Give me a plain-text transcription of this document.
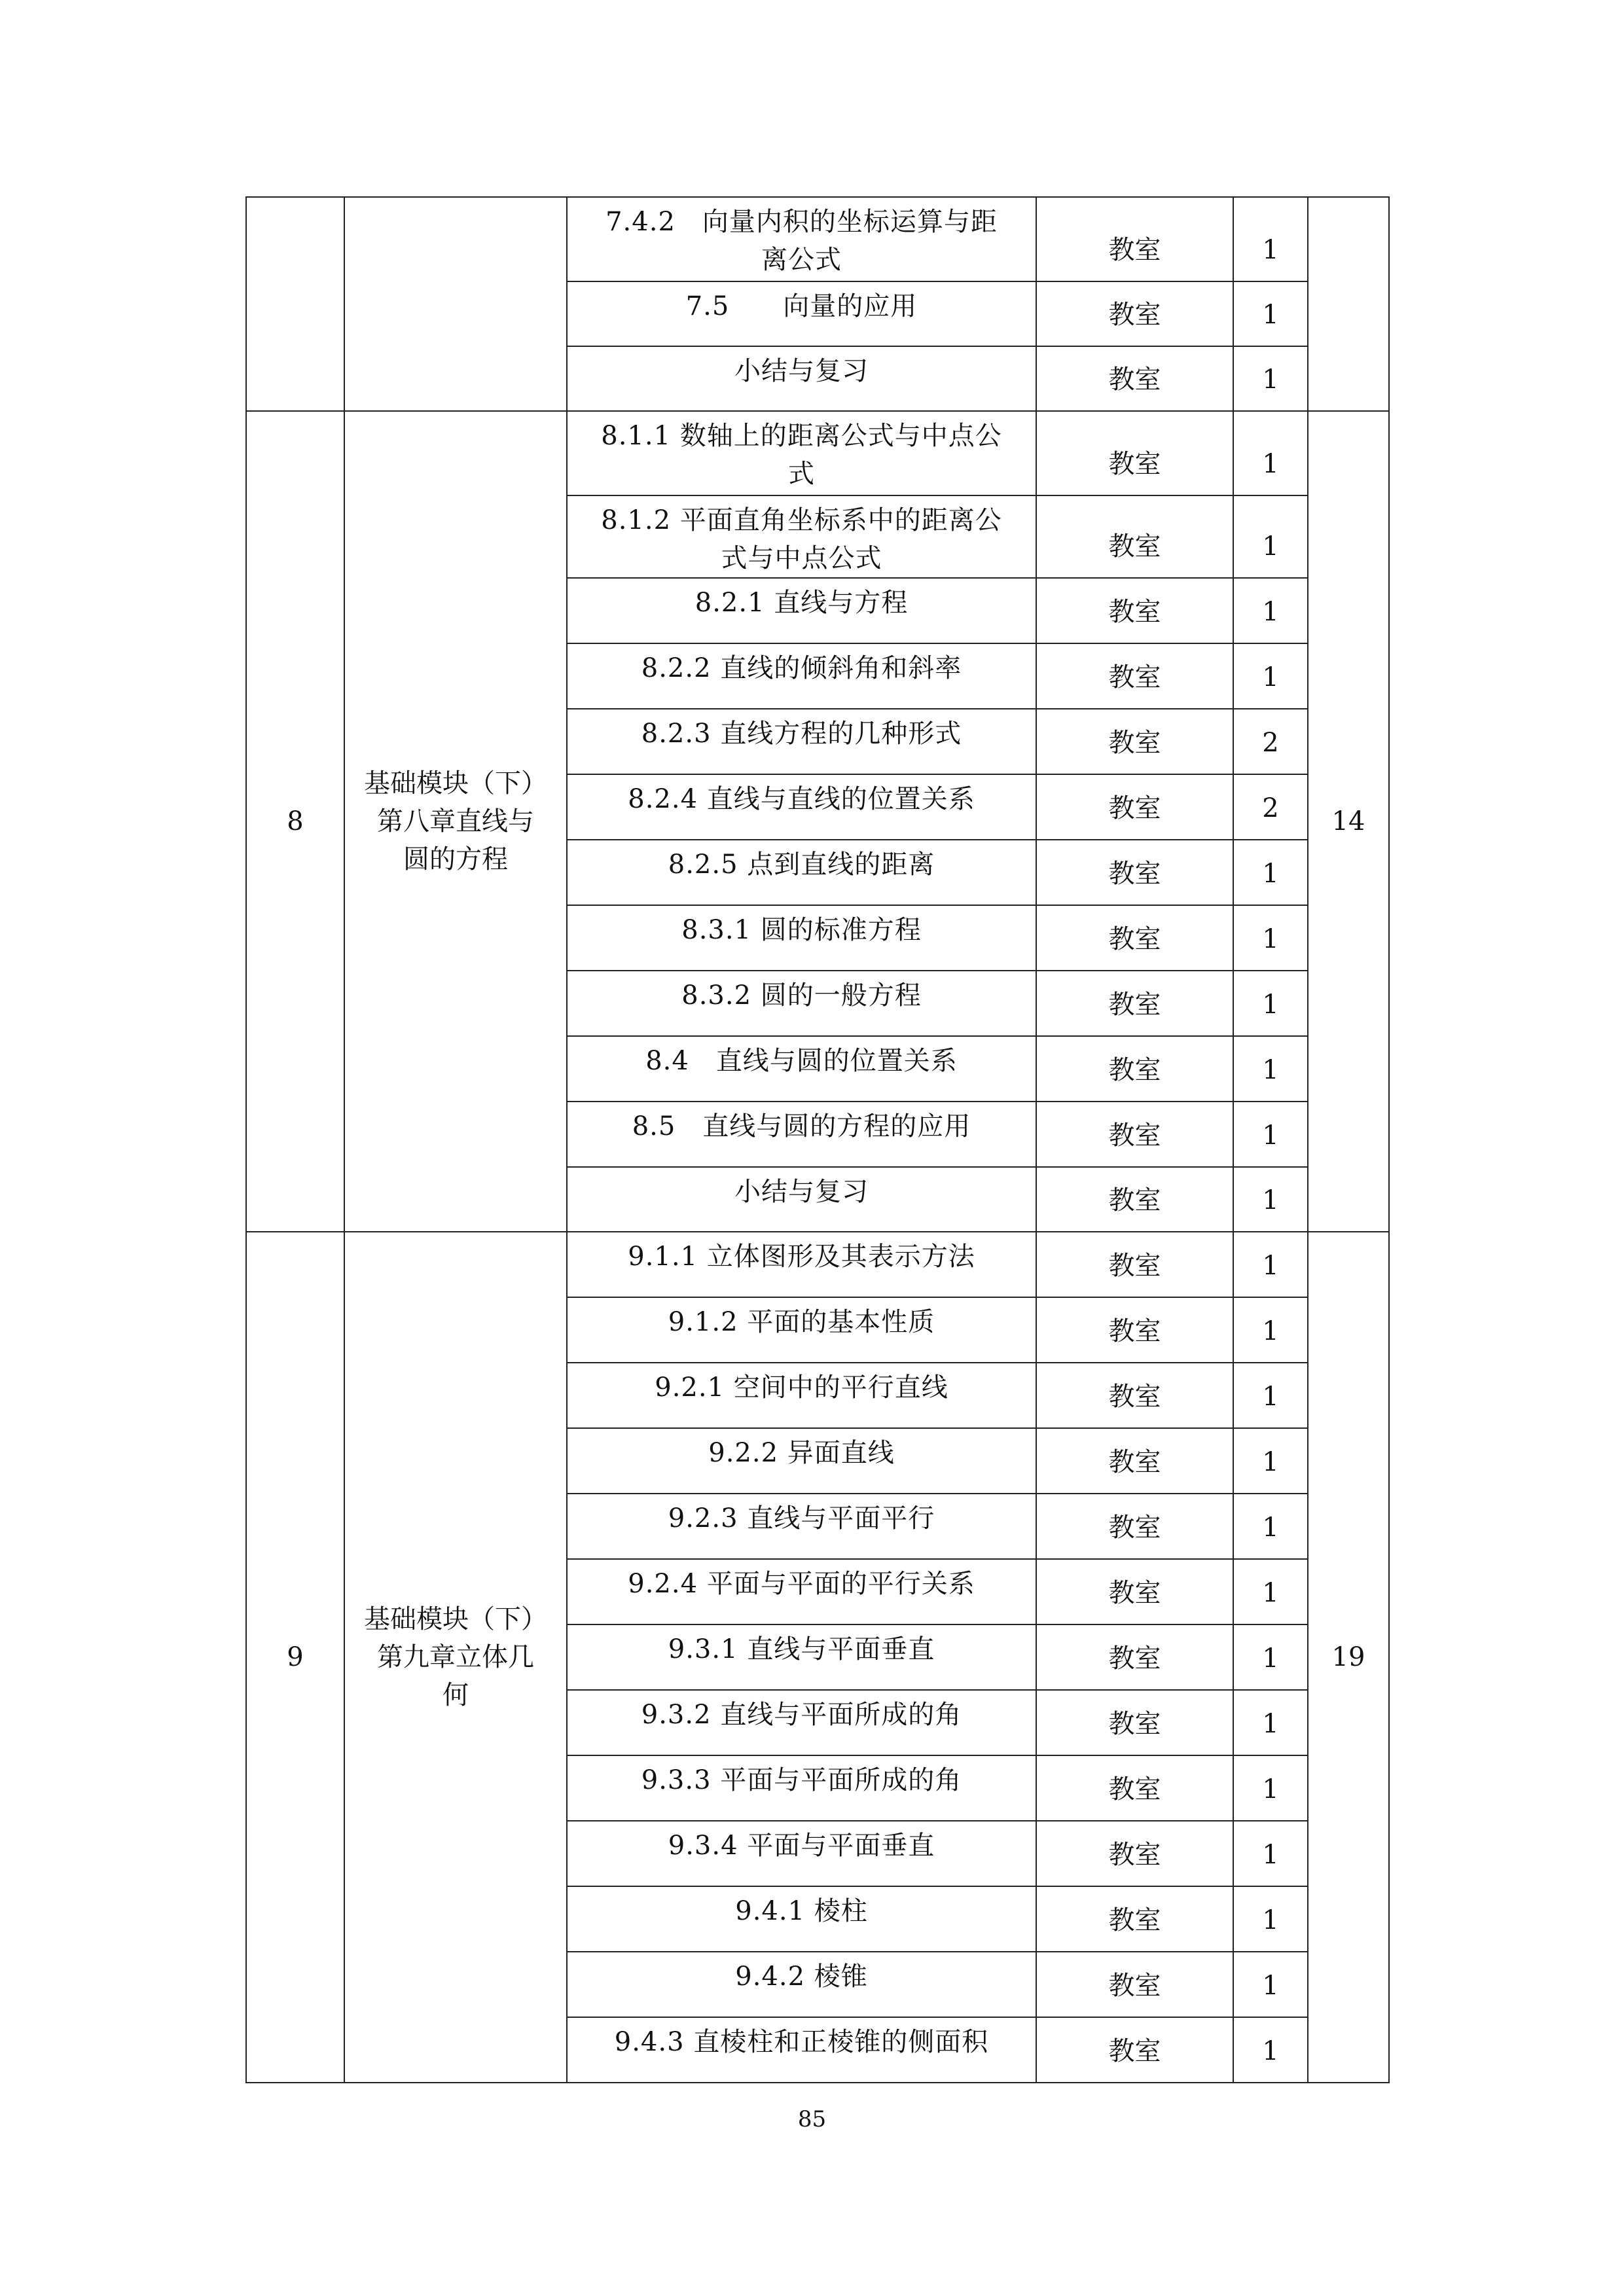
		7.4.2　向量内积的坐标运算与距
离公式	教室	1	

		7.5　　向量的应用	教室	1	

		小结与复习	教室	1	
8	基础模块（下）
第八章直线与
圆的方程	8.1.1 数轴上的距离公式与中点公
式	教室	1	14

		8.1.2 平面直角坐标系中的距离公
式与中点公式	教室	1	

		8.2.1 直线与方程	教室	1	

		8.2.2 直线的倾斜角和斜率	教室	1	

		8.2.3 直线方程的几种形式	教室	2	

		8.2.4 直线与直线的位置关系	教室	2	

		8.2.5 点到直线的距离	教室	1	

		8.3.1 圆的标准方程	教室	1	

		8.3.2 圆的一般方程	教室	1	

		8.4　直线与圆的位置关系	教室	1	

		8.5　直线与圆的方程的应用	教室	1	

		小结与复习	教室	1	
9	基础模块（下）
第九章立体几
何	9.1.1 立体图形及其表示方法	教室	1	19

		9.1.2 平面的基本性质	教室	1	

		9.2.1 空间中的平行直线	教室	1	

		9.2.2 异面直线	教室	1	

		9.2.3 直线与平面平行	教室	1	

		9.2.4 平面与平面的平行关系	教室	1	

		9.3.1 直线与平面垂直	教室	1	

		9.3.2 直线与平面所成的角	教室	1	

		9.3.3 平面与平面所成的角	教室	1	

		9.3.4 平面与平面垂直	教室	1	

		9.4.1 棱柱	教室	1	

		9.4.2 棱锥	教室	1	

		9.4.3 直棱柱和正棱锥的侧面积	教室	1	
85
